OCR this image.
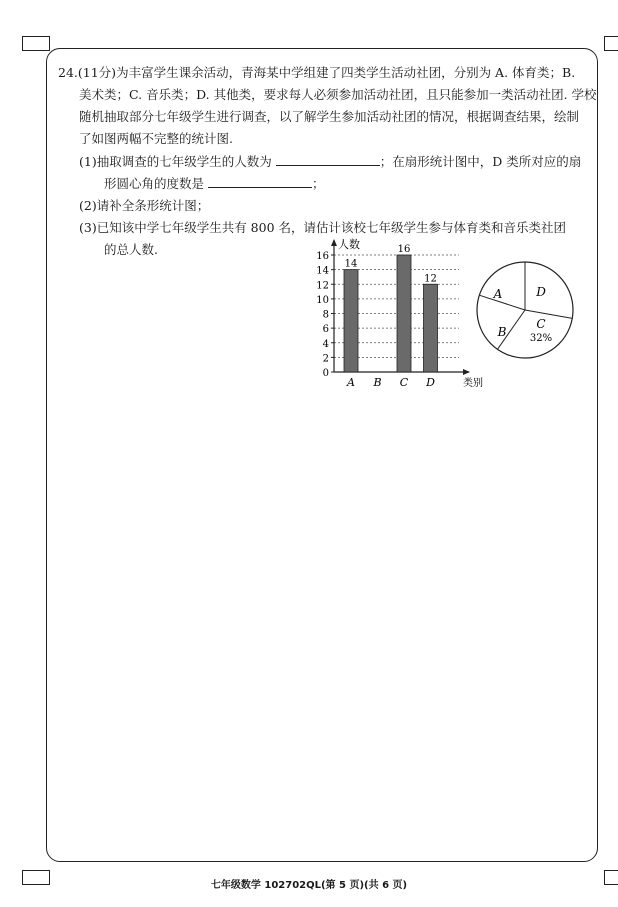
24.(11分)为丰富学生课余活动，青海某中学组建了四类学生活动社团，分别为 A. 体育类；B.
美术类；C. 音乐类；D. 其他类，要求每人必须参加活动社团，且只能参加一类活动社团. 学校
随机抽取部分七年级学生进行调查，以了解学生参加活动社团的情况，根据调查结果，绘制
了如图两幅不完整的统计图.
(1)抽取调查的七年级学生的人数为	；在扇形统计图中，D 类所对应的扇
形圆心角的度数是	；
(2)请补全条形统计图；
(3)已知该中学七年级学生共有 800 名，请估计该校七年级学生参与体育类和音乐类社团
的总人数.
0
2
4
6
8
10
12
14
16
人数
类别
A
14
B C
16
D
12
A	D
C
32%
B
七年级数学 102702QL(第 5 页)(共 6 页)
